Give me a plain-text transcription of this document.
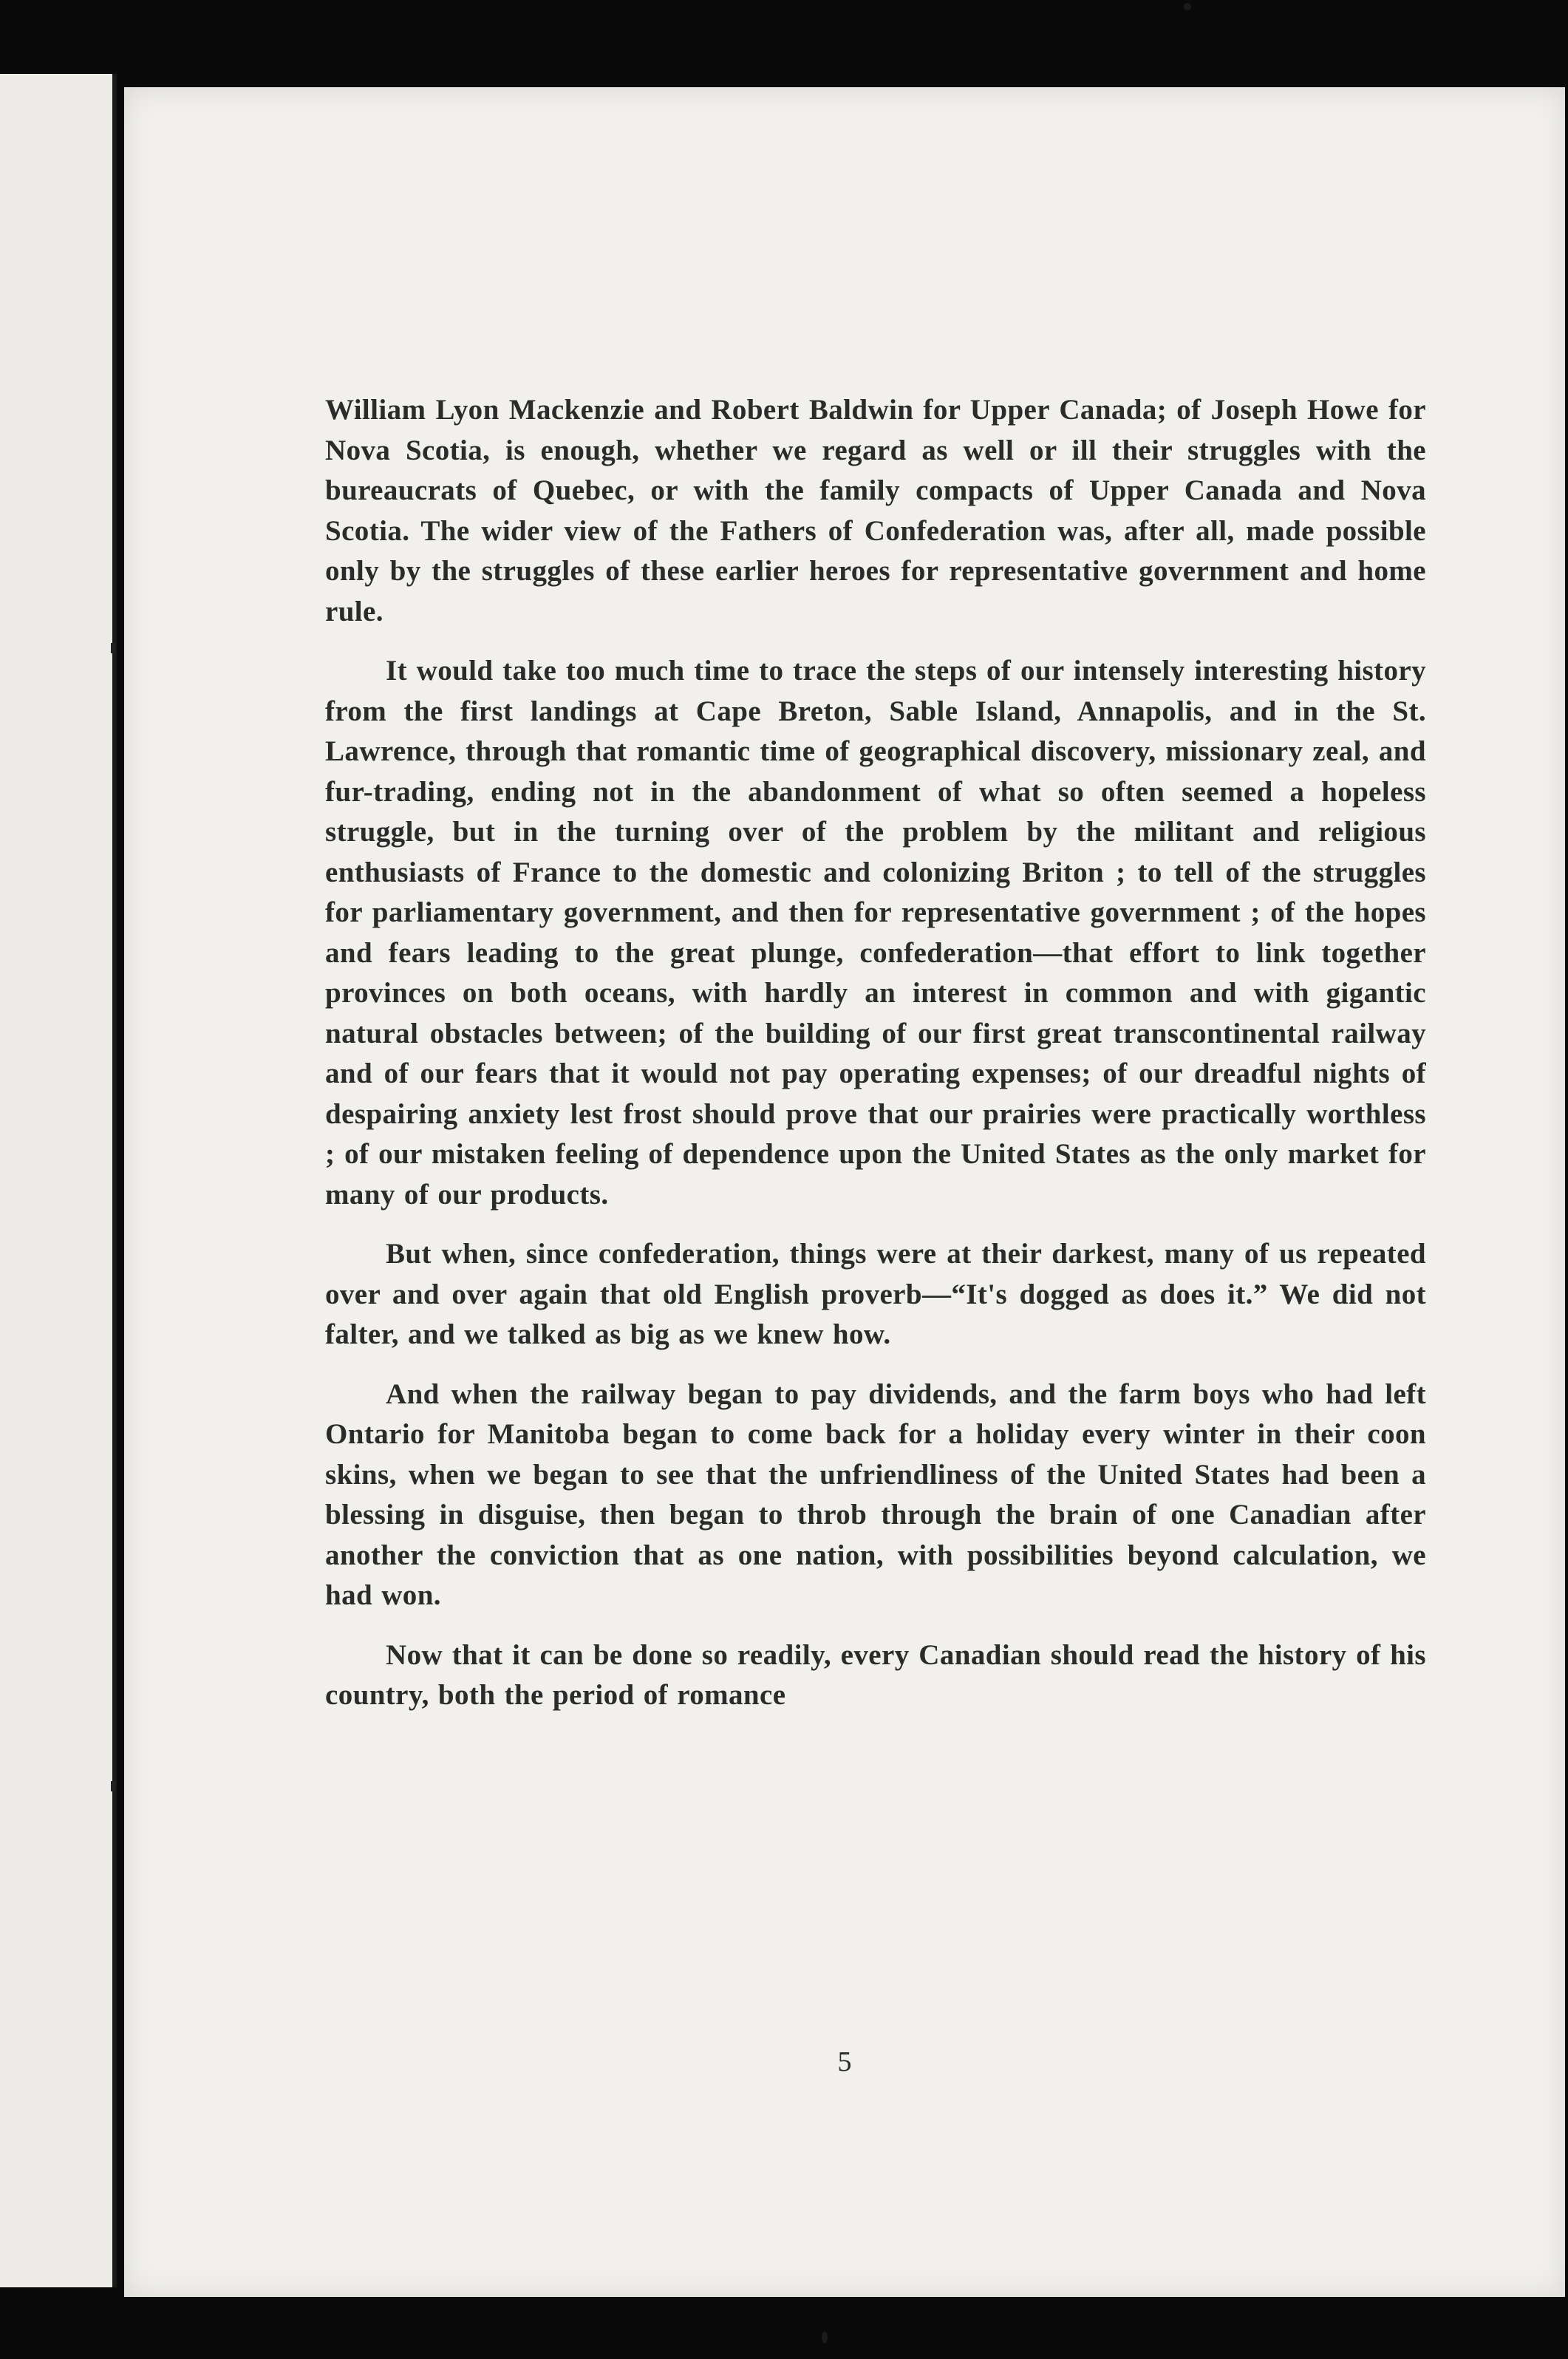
William Lyon Mackenzie and Robert Baldwin for Upper Canada; of Joseph Howe for Nova Scotia, is enough, whether we regard as well or ill their struggles with the bureaucrats of Quebec, or with the family compacts of Upper Canada and Nova Scotia. The wider view of the Fathers of Confederation was, after all, made possible only by the struggles of these earlier heroes for representative government and home rule.

It would take too much time to trace the steps of our intensely interesting history from the first landings at Cape Breton, Sable Island, Annapolis, and in the St. Lawrence, through that romantic time of geographical discovery, missionary zeal, and fur-trading, ending not in the abandonment of what so often seemed a hopeless struggle, but in the turning over of the problem by the militant and religious enthusiasts of France to the domestic and colonizing Briton ; to tell of the struggles for parliamentary government, and then for representative government ; of the hopes and fears leading to the great plunge, confederation—that effort to link together provinces on both oceans, with hardly an interest in common and with gigantic natural obstacles between; of the building of our first great transcontinental railway and of our fears that it would not pay operating expenses; of our dreadful nights of despairing anxiety lest frost should prove that our prairies were practically worthless ; of our mistaken feeling of dependence upon the United States as the only market for many of our products.

But when, since confederation, things were at their darkest, many of us repeated over and over again that old English proverb—“It's dogged as does it.” We did not falter, and we talked as big as we knew how.

And when the railway began to pay dividends, and the farm boys who had left Ontario for Manitoba began to come back for a holiday every winter in their coon skins, when we began to see that the unfriendliness of the United States had been a blessing in disguise, then began to throb through the brain of one Canadian after another the conviction that as one nation, with possibilities beyond calculation, we had won.

Now that it can be done so readily, every Canadian should read the history of his country, both the period of romance

5
